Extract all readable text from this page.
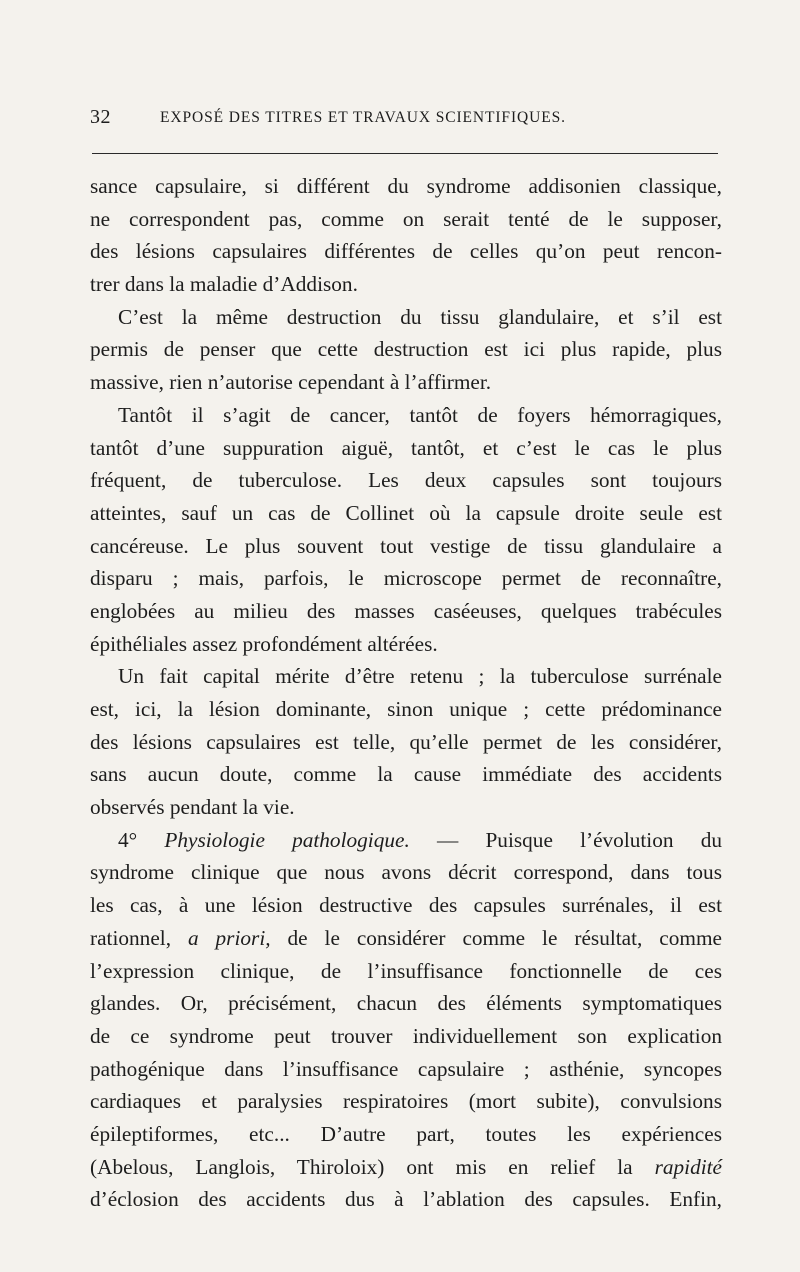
32	EXPOSÉ DES TITRES ET TRAVAUX SCIENTIFIQUES.
sance capsulaire, si différent du syndrome addisonien classique,
ne correspondent pas, comme on serait tenté de le supposer,
des lésions capsulaires différentes de celles qu’on peut rencon-
trer dans la maladie d’Addison.
C’est la même destruction du tissu glandulaire, et s’il est
permis de penser que cette destruction est ici plus rapide, plus
massive, rien n’autorise cependant à l’affirmer.
Tantôt il s’agit de cancer, tantôt de foyers hémorragiques,
tantôt d’une suppuration aiguë, tantôt, et c’est le cas le plus
fréquent, de tuberculose. Les deux capsules sont toujours
atteintes, sauf un cas de Collinet où la capsule droite seule est
cancéreuse. Le plus souvent tout vestige de tissu glandulaire a
disparu ; mais, parfois, le microscope permet de reconnaître,
englobées au milieu des masses caséeuses, quelques trabécules
épithéliales assez profondément altérées.
Un fait capital mérite d’être retenu ; la tuberculose surrénale
est, ici, la lésion dominante, sinon unique ; cette prédominance
des lésions capsulaires est telle, qu’elle permet de les considérer,
sans aucun doute, comme la cause immédiate des accidents
observés pendant la vie.
4° Physiologie pathologique. — Puisque l’évolution du
syndrome clinique que nous avons décrit correspond, dans tous
les cas, à une lésion destructive des capsules surrénales, il est
rationnel, a priori, de le considérer comme le résultat, comme
l’expression clinique, de l’insuffisance fonctionnelle de ces
glandes. Or, précisément, chacun des éléments symptomatiques
de ce syndrome peut trouver individuellement son explication
pathogénique dans l’insuffisance capsulaire ; asthénie, syncopes
cardiaques et paralysies respiratoires (mort subite), convulsions
épileptiformes, etc... D’autre part, toutes les expériences
(Abelous, Langlois, Thiroloix) ont mis en relief la rapidité
d’éclosion des accidents dus à l’ablation des capsules. Enfin,
